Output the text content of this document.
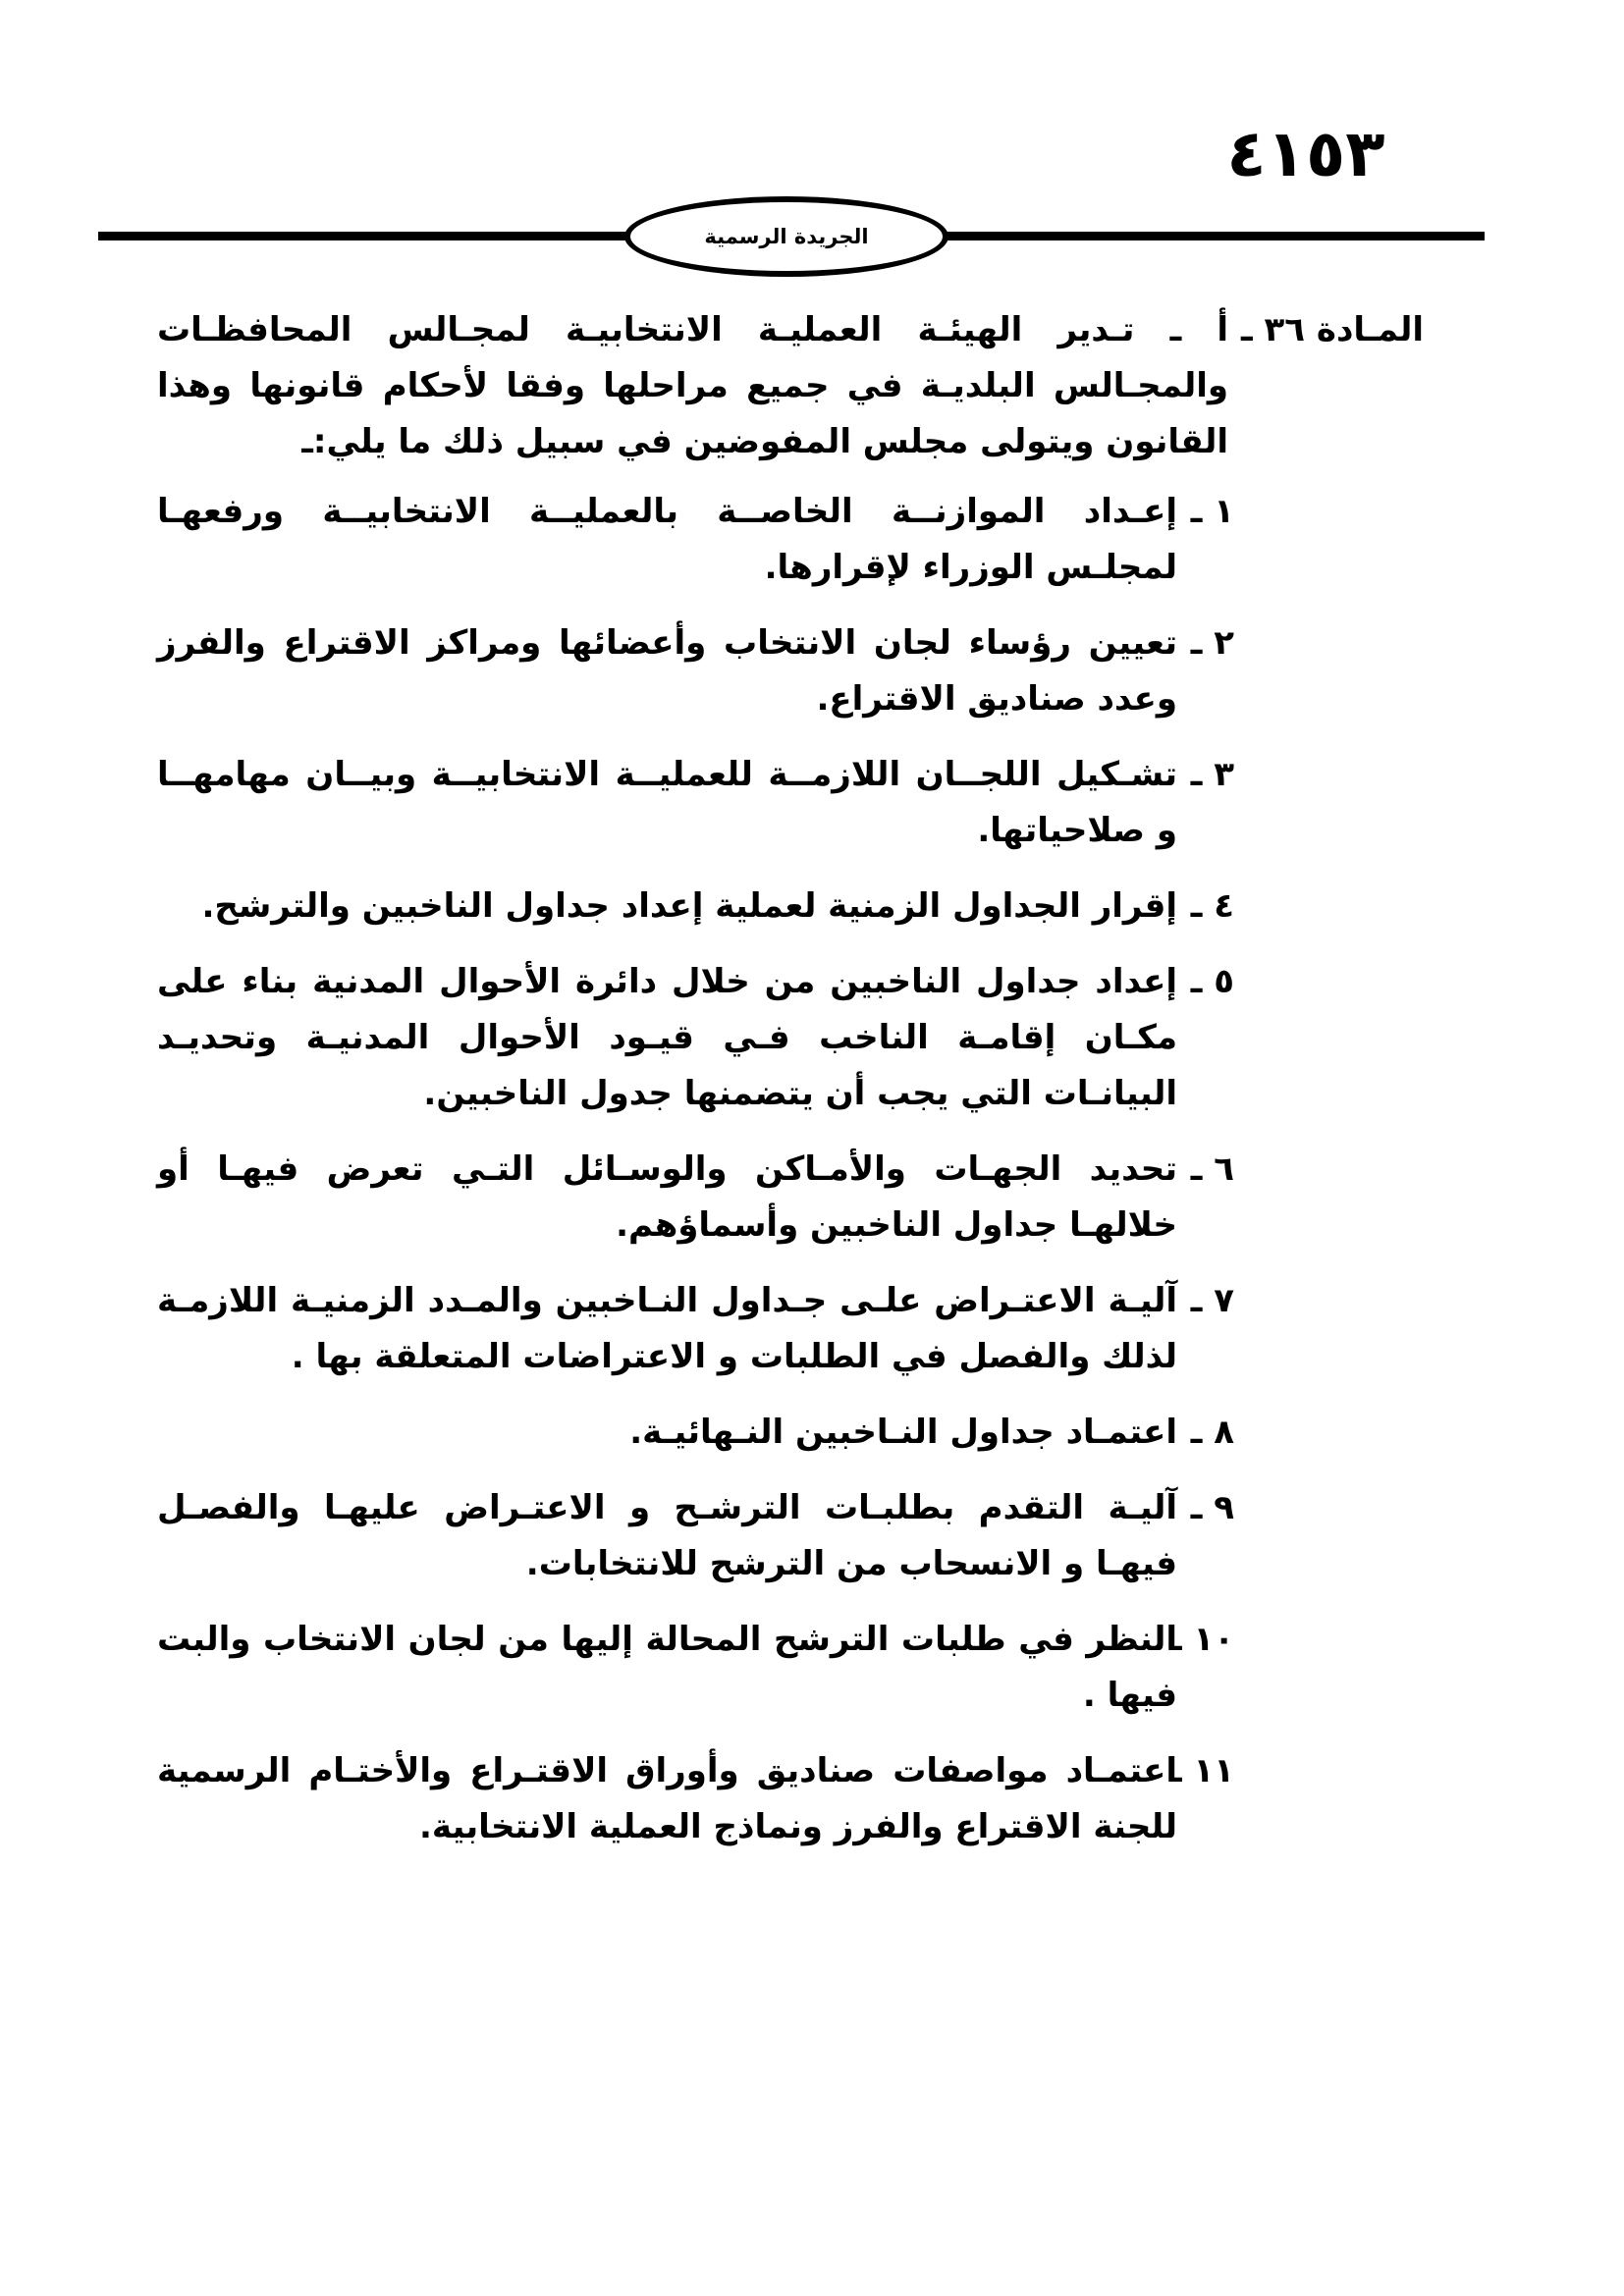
٤١٥٣
الجريدة الرسمية
المـادة ٣٦ ـ
أ ـ تـدير الهيئـة العمليـة الانتخابيـة لمجـالس المحافظـات والمجـالس البلديـة في جميع مراحلها وفقا لأحكام قانونها وهذا القانون ويتولى مجلس المفوضين في سبيل ذلك ما يلي:ـ
١ ـ
إعـداد الموازنــة الخاصــة بالعمليــة الانتخابيــة ورفعهـا لمجلـس الوزراء لإقرارها.
٢ ـ
تعيين رؤساء لجان الانتخاب وأعضائها ومراكز الاقتراع والفرز وعدد صناديق الاقتراع.
٣ ـ
تشـكيل اللجــان اللازمــة للعمليــة الانتخابيــة وبيــان مهامهــا و صلاحياتها.
٤ ـ
إقرار الجداول الزمنية لعملية إعداد جداول الناخبين والترشح.
٥ ـ
إعداد جداول الناخبين من خلال دائرة الأحوال المدنية بناء على مكـان إقامـة الناخب فـي قيـود الأحوال المدنيـة وتحديـد البيانـات التي يجب أن يتضمنها جدول الناخبين.
٦ ـ
تحديد الجهـات والأمـاكن والوسـائل التـي تعرض فيهـا أو خلالهـا جداول الناخبين وأسماؤهم.
٧ ـ
آليـة الاعتـراض علـى جـداول النـاخبين والمـدد الزمنيـة اللازمـة لذلك والفصل في الطلبات و الاعتراضات المتعلقة بها .
٨ ـ
اعتمـاد جداول النـاخبين النـهائيـة.
٩ ـ
آليـة التقدم بطلبـات الترشـح و الاعتـراض عليهـا والفصـل فيهـا و الانسحاب من الترشح للانتخابات.
١٠ ـ
النظر في طلبات الترشح المحالة إليها من لجان الانتخاب والبت فيها .
١١ ـ
اعتمـاد مواصفات صناديق وأوراق الاقتـراع والأختـام الرسمية للجنة الاقتراع والفرز ونماذج العملية الانتخابية.
